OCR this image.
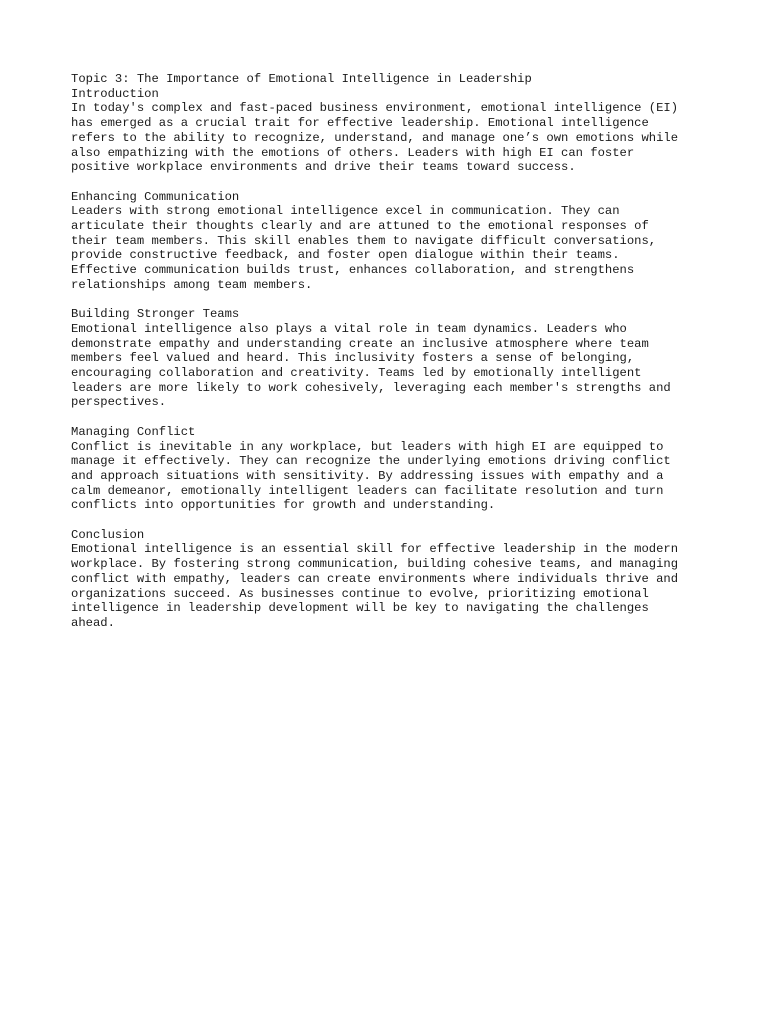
Topic 3: The Importance of Emotional Intelligence in Leadership
Introduction
In today's complex and fast-paced business environment, emotional intelligence (EI)
has emerged as a crucial trait for effective leadership. Emotional intelligence
refers to the ability to recognize, understand, and manage one’s own emotions while
also empathizing with the emotions of others. Leaders with high EI can foster
positive workplace environments and drive their teams toward success.
Enhancing Communication
Leaders with strong emotional intelligence excel in communication. They can
articulate their thoughts clearly and are attuned to the emotional responses of
their team members. This skill enables them to navigate difficult conversations,
provide constructive feedback, and foster open dialogue within their teams.
Effective communication builds trust, enhances collaboration, and strengthens
relationships among team members.
Building Stronger Teams
Emotional intelligence also plays a vital role in team dynamics. Leaders who
demonstrate empathy and understanding create an inclusive atmosphere where team
members feel valued and heard. This inclusivity fosters a sense of belonging,
encouraging collaboration and creativity. Teams led by emotionally intelligent
leaders are more likely to work cohesively, leveraging each member's strengths and
perspectives.
Managing Conflict
Conflict is inevitable in any workplace, but leaders with high EI are equipped to
manage it effectively. They can recognize the underlying emotions driving conflict
and approach situations with sensitivity. By addressing issues with empathy and a
calm demeanor, emotionally intelligent leaders can facilitate resolution and turn
conflicts into opportunities for growth and understanding.
Conclusion
Emotional intelligence is an essential skill for effective leadership in the modern
workplace. By fostering strong communication, building cohesive teams, and managing
conflict with empathy, leaders can create environments where individuals thrive and
organizations succeed. As businesses continue to evolve, prioritizing emotional
intelligence in leadership development will be key to navigating the challenges
ahead.
